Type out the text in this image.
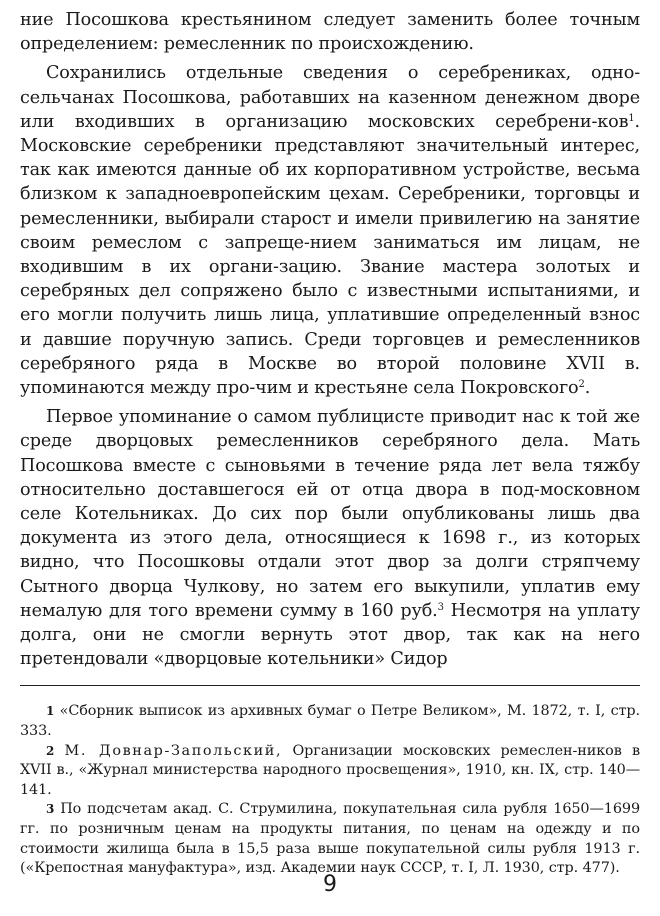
ние Посошкова крестьянином следует заменить более точным определением: ремесленник по происхождению.

Сохранились отдельные сведения о серебрениках, одно-сельчанах Посошкова, работавших на казенном денежном дворе или входивших в организацию московских серебрени-ков$^1$. Московские серебреники представляют значительный интерес, так как имеются данные об их корпоративном устройстве, весьма близком к западноевропейским цехам. Серебреники, торговцы и ремесленники, выбирали старост и имели привилегию на занятие своим ремеслом с запреще-нием заниматься им лицам, не входившим в их органи-зацию. Звание мастера золотых и серебряных дел сопряжено было с известными испытаниями, и его могли получить лишь лица, уплатившие определенный взнос и давшие поручную запись. Среди торговцев и ремесленников серебряного ряда в Москве во второй половине XVII в. упоминаются между про-чим и крестьяне села Покровского$^2$.

Первое упоминание о самом публицисте приводит нас к той же среде дворцовых ремесленников серебряного дела. Мать Посошкова вместе с сыновьями в течение ряда лет вела тяжбу относительно доставшегося ей от отца двора в под-московном селе Котельниках. До сих пор были опубликованы лишь два документа из этого дела, относящиеся к 1698 г., из которых видно, что Посошковы отдали этот двор за долги стряпчему Сытного дворца Чулкову, но затем его выкупили, уплатив ему немалую для того времени сумму в 160 руб.$^3$ Несмотря на уплату долга, они не смогли вернуть этот двор, так как на него претендовали «дворцовые котельники» Сидор

1 «Сборник выписок из архивных бумаг о Петре Великом», М. 1872, т. I, стр. 333.

2 М. Довнар-Запольский, Организации московских ремеслен-ников в XVII в., «Журнал министерства народного просвещения», 1910, кн. IX, стр. 140—141.

3 По подсчетам акад. С. Струмилина, покупательная сила рубля 1650—1699 гг. по розничным ценам на продукты питания, по ценам на одежду и по стоимости жилища была в 15,5 раза выше покупательной силы рубля 1913 г. («Крепостная мануфактура», изд. Академии наук СССР, т. I, Л. 1930, стр. 477).

9
